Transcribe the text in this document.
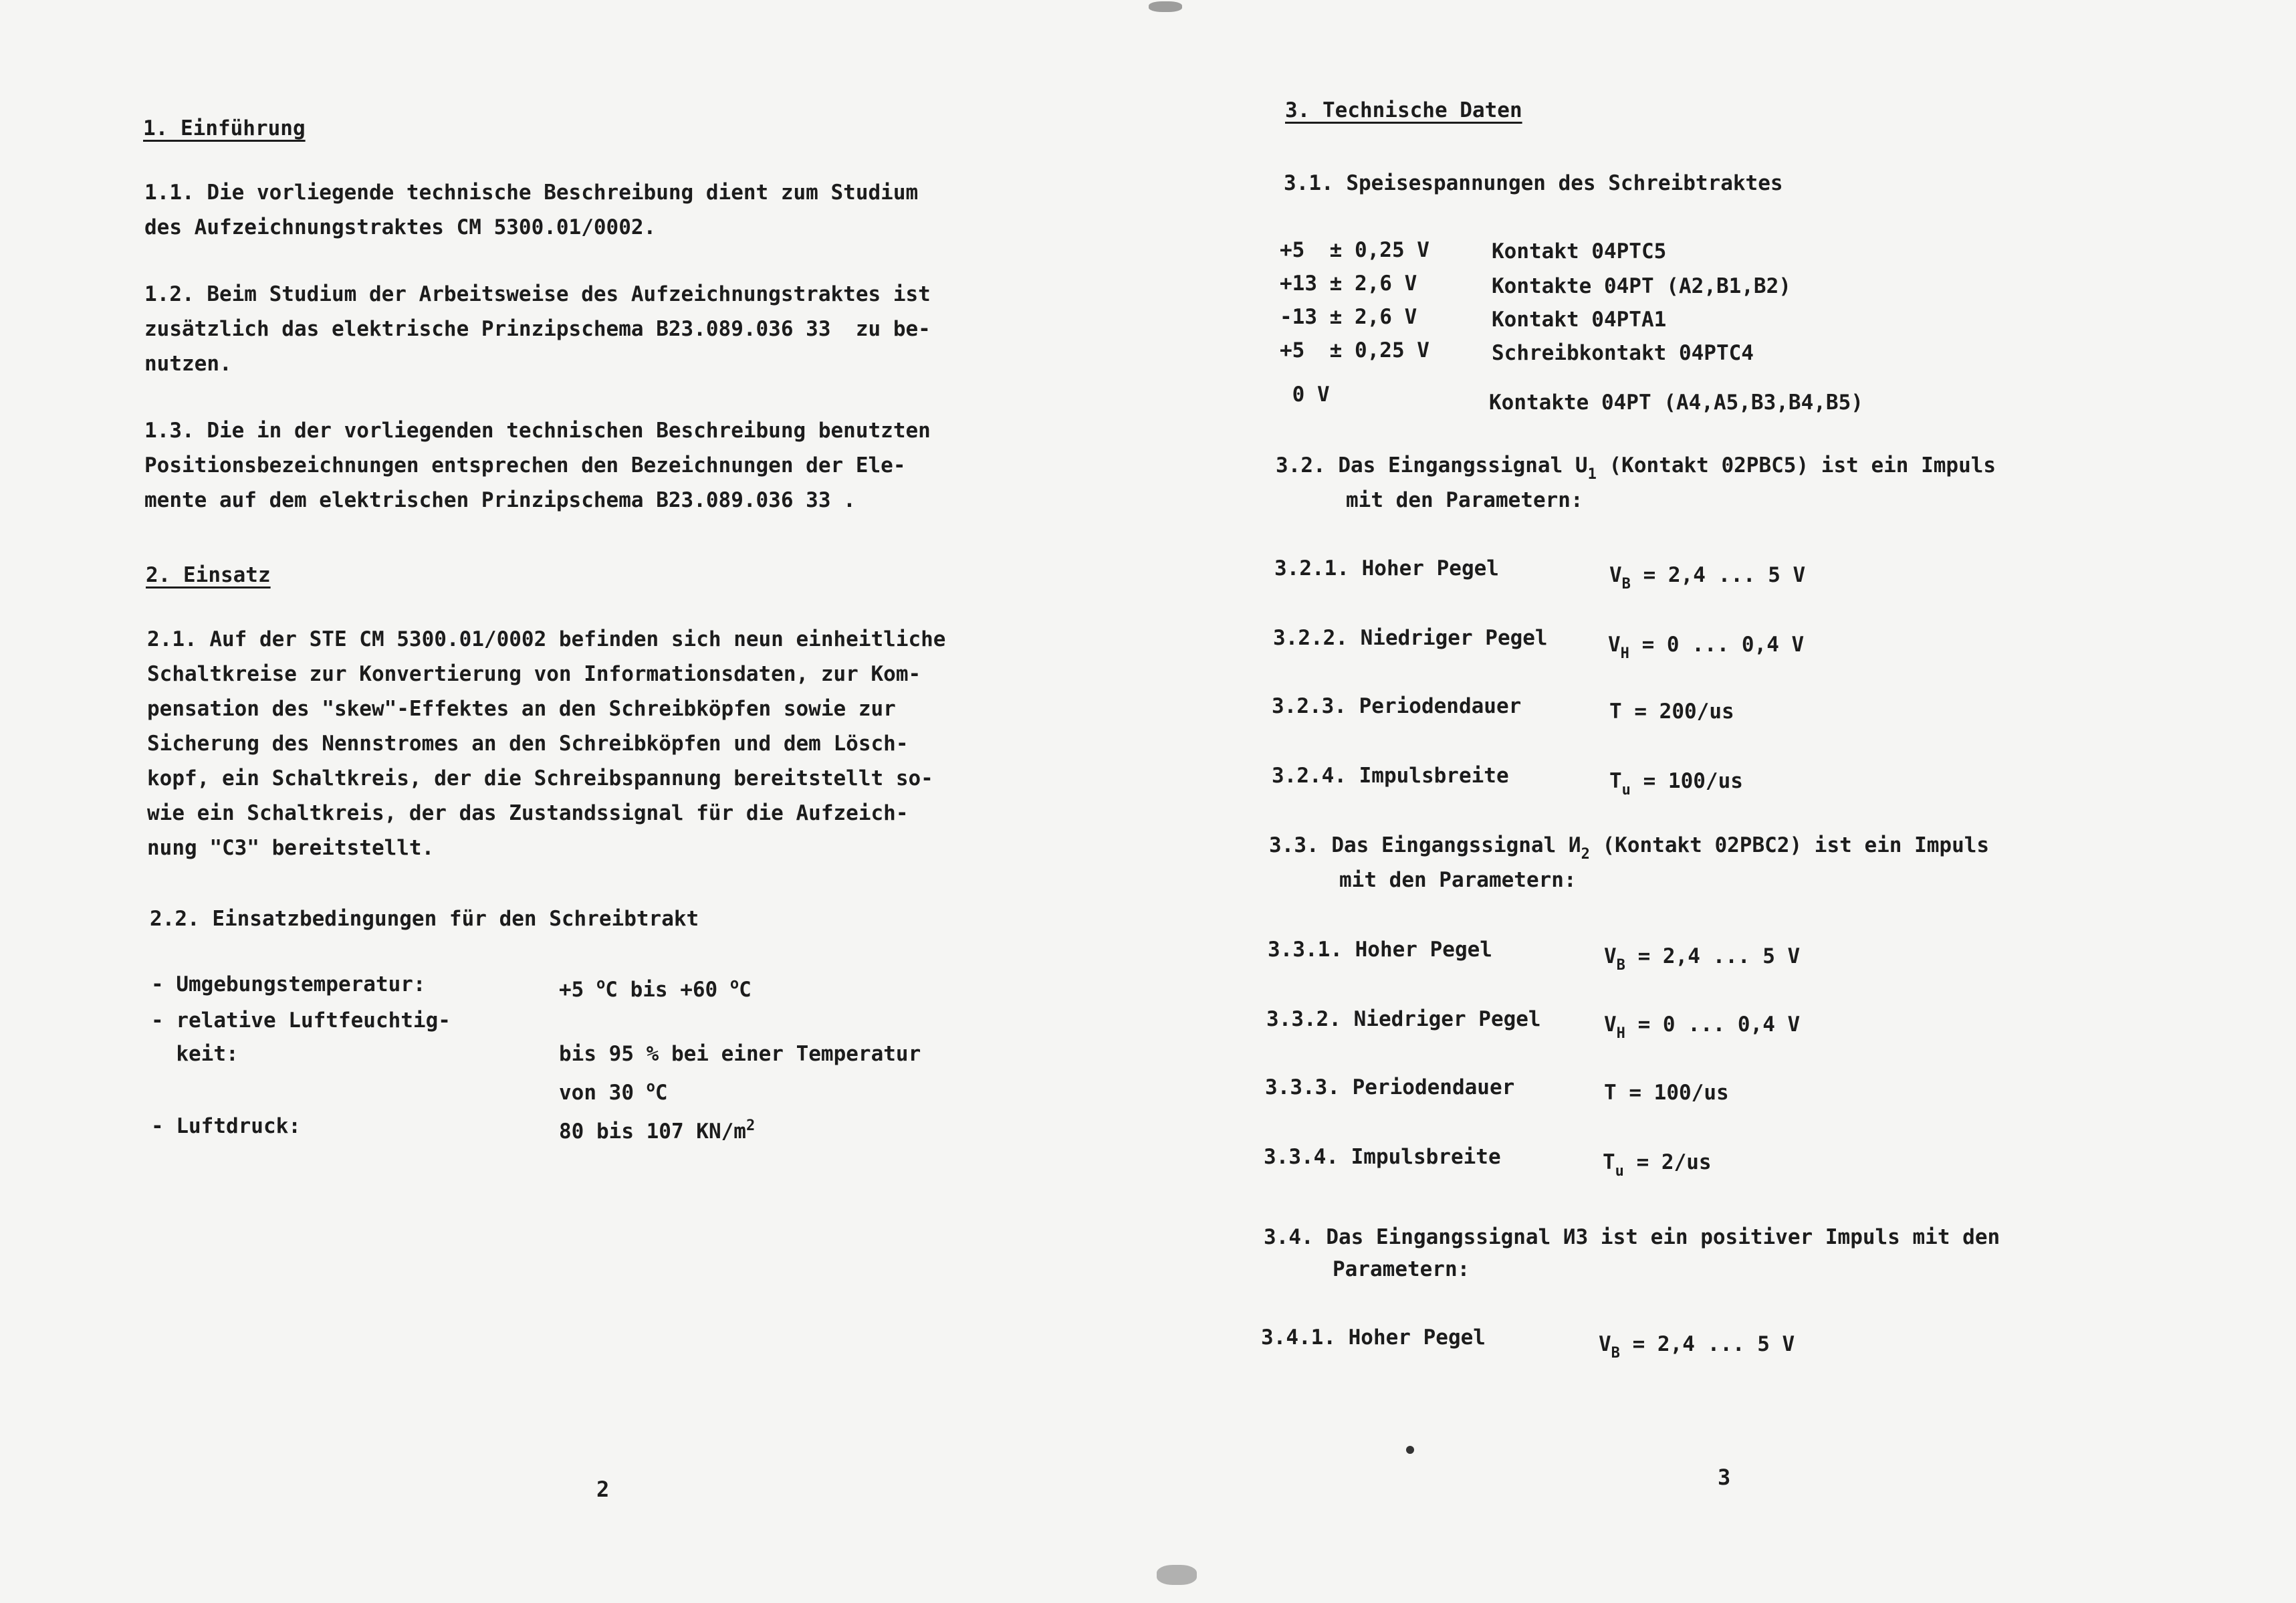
1. Einführung
1.1. Die vorliegende technische Beschreibung dient zum Studium
des Aufzeichnungstraktes CM 5300.01/0002.
1.2. Beim Studium der Arbeitsweise des Aufzeichnungstraktes ist
zusätzlich das elektrische Prinzipschema B23.089.036 33  zu be-
nutzen.
1.3. Die in der vorliegenden technischen Beschreibung benutzten
Positionsbezeichnungen entsprechen den Bezeichnungen der Ele-
mente auf dem elektrischen Prinzipschema B23.089.036 33 .
2. Einsatz
2.1. Auf der STE CM 5300.01/0002 befinden sich neun einheitliche
Schaltkreise zur Konvertierung von Informationsdaten, zur Kom-
pensation des "skew"-Effektes an den Schreibköpfen sowie zur
Sicherung des Nennstromes an den Schreibköpfen und dem Lösch-
kopf, ein Schaltkreis, der die Schreibspannung bereitstellt so-
wie ein Schaltkreis, der das Zustandssignal für die Aufzeich-
nung "C3" bereitstellt.
2.2. Einsatzbedingungen für den Schreibtrakt
- Umgebungstemperatur:	+5 $^o$C bis +60 $^o$C
- relative Luftfeuchtig-
keit:	bis 95 % bei einer Temperatur
von 30 $^o$C
- Luftdruck:	80 bis 107 $KN/m^2$
2
3. Technische Daten
3.1. Speisespannungen des Schreibtraktes
+5  ± 0,25 V	Kontakt 04PTC5
+13 ± 2,6 V	Kontakte 04PT (A2,B1,B2)
-13 ± 2,6 V	Kontakt 04PTA1
+5  ± 0,25 V	Schreibkontakt 04PTC4
0 V	Kontakte 04PT (A4,A5,B3,B4,B5)
3.2. Das Eingangssignal $U_1$ (Kontakt 02PBC5) ist ein Impuls
mit den Parametern:
3.2.1. Hoher Pegel	$V_B = 2,4$ ... 5 V
3.2.2. Niedriger Pegel	$V_H = 0$ ... 0,4 V
3.2.3. Periodendauer	T = 200/us
3.2.4. Impulsbreite	$T_u = 100/us$
3.3. Das Eingangssignal $И_2$ (Kontakt 02PBC2) ist ein Impuls
mit den Parametern:
3.3.1. Hoher Pegel	$V_B = 2,4$ ... 5 V
3.3.2. Niedriger Pegel	$V_H = 0$ ... 0,4 V
3.3.3. Periodendauer	T = 100/us
3.3.4. Impulsbreite	$T_u = 2/us$
3.4. Das Eingangssignal И3 ist ein positiver Impuls mit den
Parametern:
3.4.1. Hoher Pegel	$V_B = 2,4$ ... 5 V
3
